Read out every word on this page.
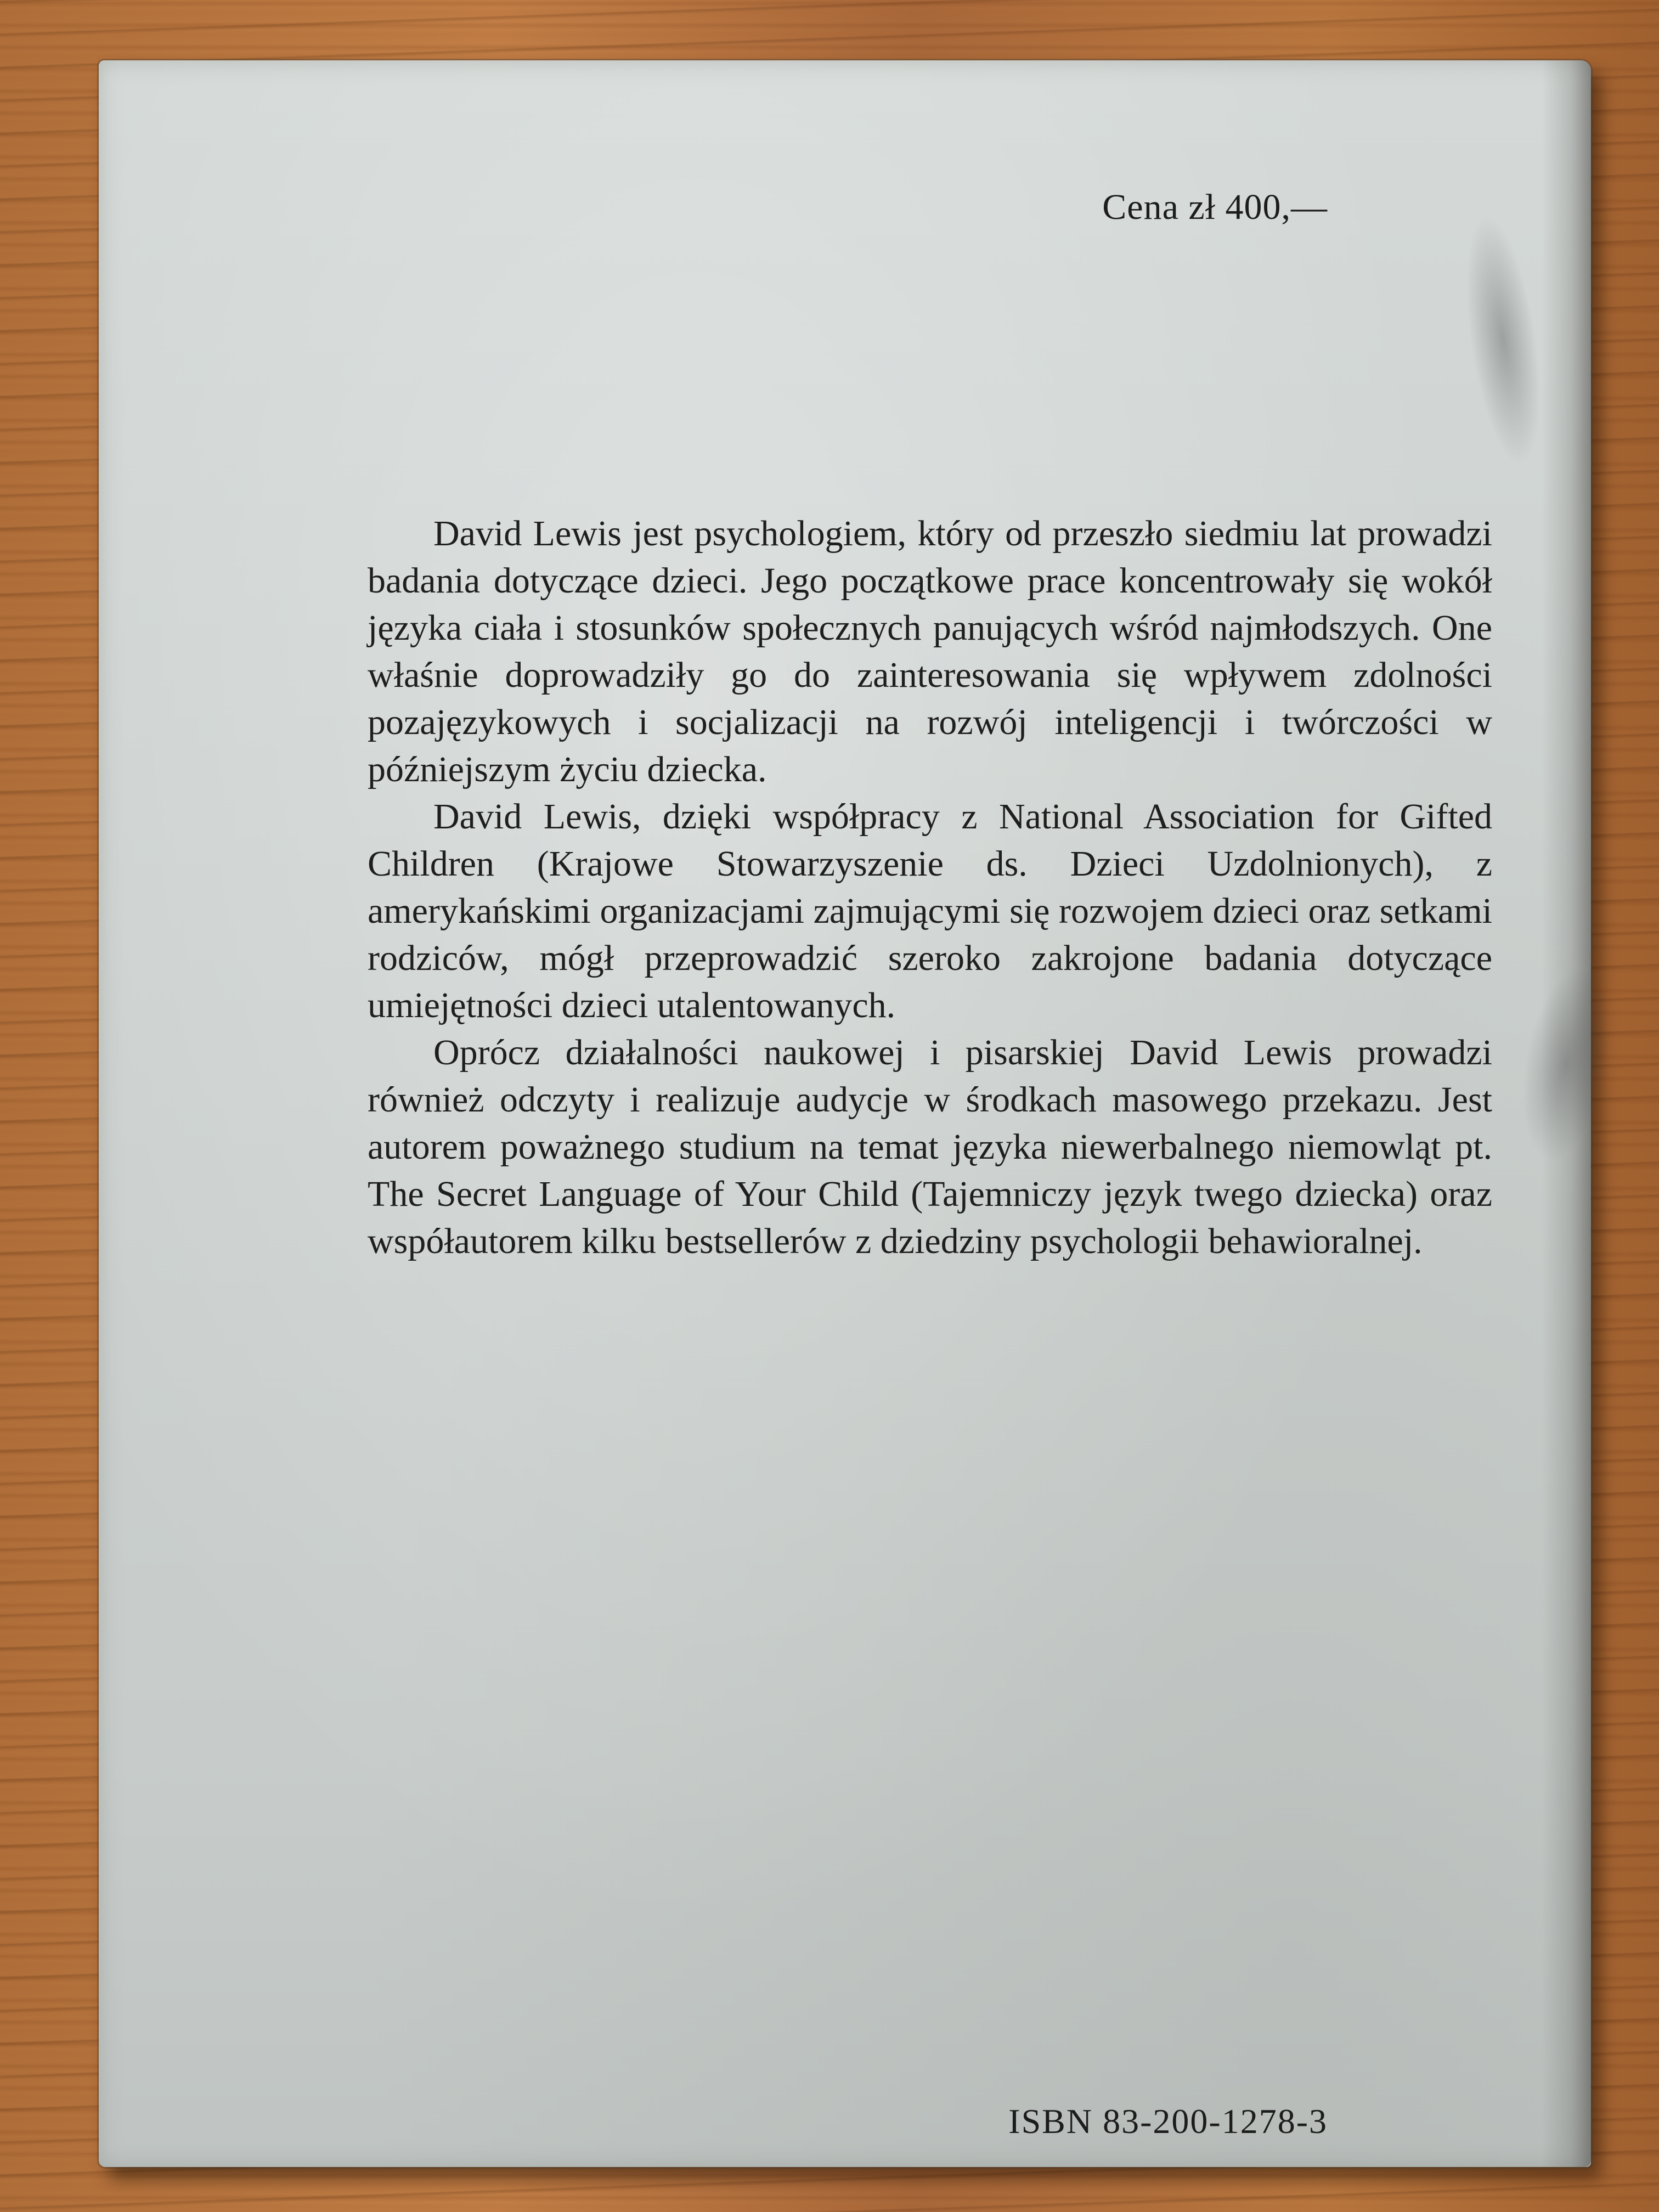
Cena zł 400,—

David Lewis jest psychologiem, który od przeszło siedmiu lat prowadzi badania dotyczące dzieci. Jego początkowe prace koncentrowały się wokół języka ciała i stosunków społecznych panujących wśród najmłodszych. One właśnie doprowadziły go do zainteresowania się wpływem zdolności pozajęzykowych i socjalizacji na rozwój inteligencji i twórczości w późniejszym życiu dziecka.

David Lewis, dzięki współpracy z National Association for Gifted Children (Krajowe Stowarzyszenie ds. Dzieci Uzdolnionych), z amerykańskimi organizacjami zajmującymi się rozwojem dzieci oraz setkami rodziców, mógł przeprowadzić szeroko zakrojone badania dotyczące umiejętności dzieci utalentowanych.

Oprócz działalności naukowej i pisarskiej David Lewis prowadzi również odczyty i realizuje audycje w środkach masowego przekazu. Jest autorem poważnego studium na temat języka niewerbalnego niemowląt pt. The Secret Language of Your Child (Tajemniczy język twego dziecka) oraz współautorem kilku bestsellerów z dziedziny psychologii behawioralnej.

ISBN 83-200-1278-3
